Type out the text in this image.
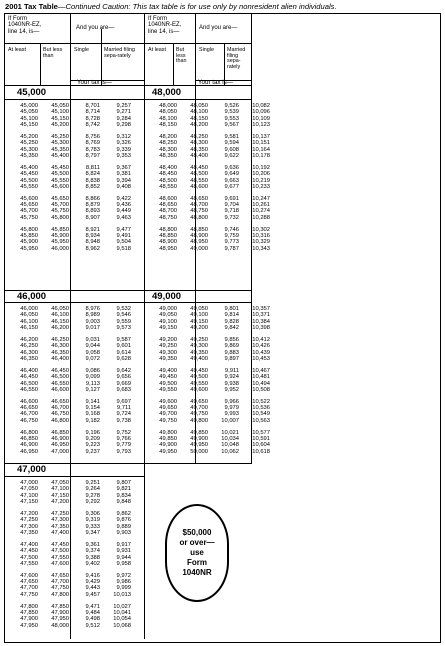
2001 Tax Table—Continued Caution: This tax table is for use only by nonresident alien individuals.
If Form
1040NR-EZ,
line 14, is—
And you are—
If Form
1040NR-EZ,
line 14, is—
And you are—
At least	But less than
Single	Married filing sepa-rately
Your tax is—
At least	But less than
Single	Married filing sepa-rately
Your tax is—
45,000	48,000
46,000	49,000
47,000
45,000	45,050	8,701	9,257
45,050	45,100	8,714	9,271
45,100	45,150	8,728	9,284
45,150	45,200	8,742	9,298
45,200	45,250	8,756	9,312
45,250	45,300	8,769	9,326
45,300	45,350	8,783	9,339
45,350	45,400	8,797	9,353
45,400	45,450	8,811	9,367
45,450	45,500	8,824	9,381
45,500	45,550	8,838	9,394
45,550	45,600	8,852	9,408
45,600	45,650	8,866	9,422
45,650	45,700	8,879	9,436
45,700	45,750	8,893	9,449
45,750	45,800	8,907	9,463
45,800	45,850	8,921	9,477
45,850	45,900	8,934	9,491
45,900	45,950	8,948	9,504
45,950	46,000	8,962	9,518
48,000	48,050	9,526	10,082
48,050	48,100	9,539	10,096
48,100	48,150	9,553	10,109
48,150	48,200	9,567	10,123
48,200	48,250	9,581	10,137
48,250	48,300	9,594	10,151
48,300	48,350	9,608	10,164
48,350	48,400	9,622	10,178
48,400	48,450	9,636	10,192
48,450	48,500	9,649	10,206
48,500	48,550	9,663	10,219
48,550	48,600	9,677	10,233
48,600	48,650	9,691	10,247
48,650	48,700	9,704	10,261
48,700	48,750	9,718	10,274
48,750	48,800	9,732	10,288
48,800	48,850	9,746	10,302
48,850	48,900	9,759	10,316
48,900	48,950	9,773	10,329
48,950	49,000	9,787	10,343
46,000	46,050	8,976	9,532
46,050	46,100	8,989	9,546
46,100	46,150	9,003	9,559
46,150	46,200	9,017	9,573
46,200	46,250	9,031	9,587
46,250	46,300	9,044	9,601
46,300	46,350	9,058	9,614
46,350	46,400	9,072	9,628
46,400	46,450	9,086	9,642
46,450	46,500	9,099	9,656
46,500	46,550	9,113	9,669
46,550	46,600	9,127	9,683
46,600	46,650	9,141	9,697
46,650	46,700	9,154	9,711
46,700	46,750	9,168	9,724
46,750	46,800	9,182	9,738
46,800	46,850	9,196	9,752
46,850	46,900	9,209	9,766
46,900	46,950	9,223	9,779
46,950	47,000	9,237	9,793
49,000	49,050	9,801	10,357
49,050	49,100	9,814	10,371
49,100	49,150	9,828	10,384
49,150	49,200	9,842	10,398
49,200	49,250	9,856	10,412
49,250	49,300	9,869	10,426
49,300	49,350	9,883	10,439
49,350	49,400	9,897	10,453
49,400	49,450	9,911	10,467
49,450	49,500	9,924	10,481
49,500	49,550	9,938	10,494
49,550	49,600	9,952	10,508
49,600	49,650	9,966	10,522
49,650	49,700	9,979	10,536
49,700	49,750	9,993	10,549
49,750	49,800	10,007	10,563
49,800	49,850	10,021	10,577
49,850	49,900	10,034	10,591
49,900	49,950	10,048	10,604
49,950	50,000	10,062	10,618
47,000	47,050	9,251	9,807
47,050	47,100	9,264	9,821
47,100	47,150	9,278	9,834
47,150	47,200	9,292	9,848
47,200	47,250	9,306	9,862
47,250	47,300	9,319	9,876
47,300	47,350	9,333	9,889
47,350	47,400	9,347	9,903
47,400	47,450	9,361	9,917
47,450	47,500	9,374	9,931
47,500	47,550	9,388	9,944
47,550	47,600	9,402	9,958
47,600	47,650	9,416	9,972
47,650	47,700	9,429	9,986
47,700	47,750	9,443	9,999
47,750	47,800	9,457	10,013
47,800	47,850	9,471	10,027
47,850	47,900	9,484	10,041
47,900	47,950	9,498	10,054
47,950	48,000	9,512	10,068
$50,000
or over—
use
Form
1040NR
